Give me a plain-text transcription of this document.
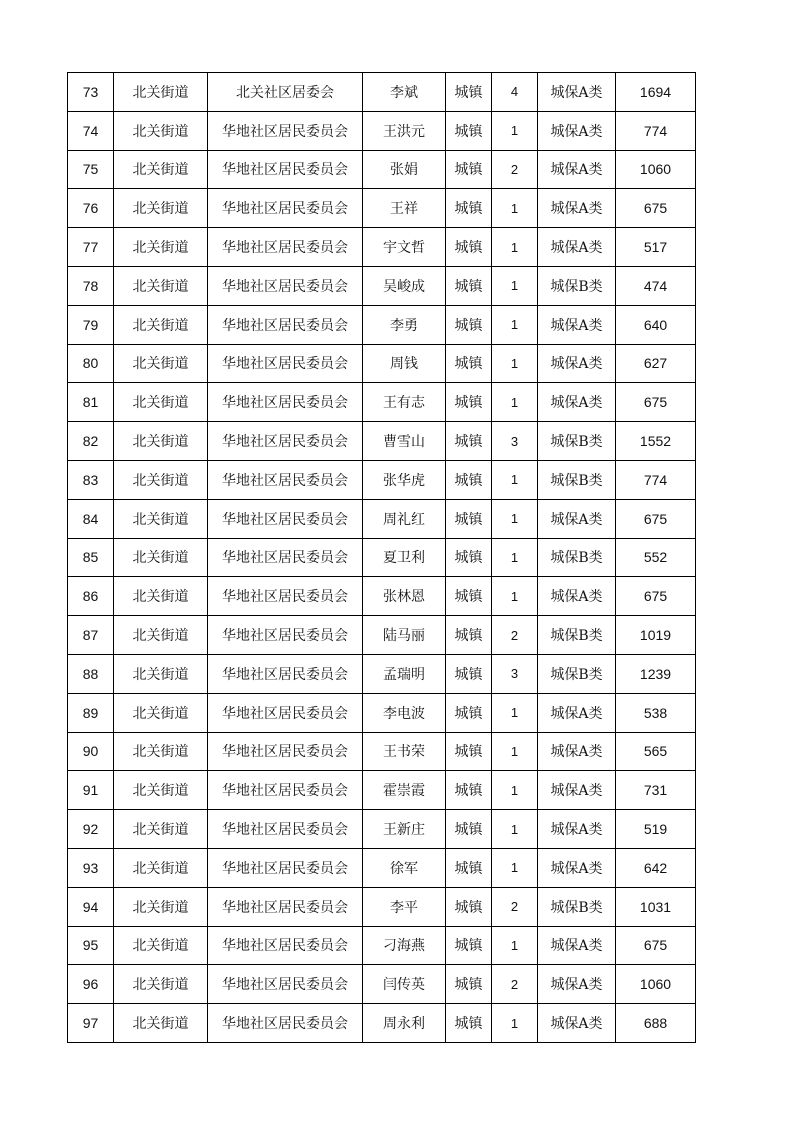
73	北关街道	北关社区居委会	李斌	城镇	4	城保A类	1694
74	北关街道	华地社区居民委员会	王洪元	城镇	1	城保A类	774
75	北关街道	华地社区居民委员会	张娟	城镇	2	城保A类	1060
76	北关街道	华地社区居民委员会	王祥	城镇	1	城保A类	675
77	北关街道	华地社区居民委员会	宇文哲	城镇	1	城保A类	517
78	北关街道	华地社区居民委员会	吴峻成	城镇	1	城保B类	474
79	北关街道	华地社区居民委员会	李勇	城镇	1	城保A类	640
80	北关街道	华地社区居民委员会	周钱	城镇	1	城保A类	627
81	北关街道	华地社区居民委员会	王有志	城镇	1	城保A类	675
82	北关街道	华地社区居民委员会	曹雪山	城镇	3	城保B类	1552
83	北关街道	华地社区居民委员会	张华虎	城镇	1	城保B类	774
84	北关街道	华地社区居民委员会	周礼红	城镇	1	城保A类	675
85	北关街道	华地社区居民委员会	夏卫利	城镇	1	城保B类	552
86	北关街道	华地社区居民委员会	张林恩	城镇	1	城保A类	675
87	北关街道	华地社区居民委员会	陆马丽	城镇	2	城保B类	1019
88	北关街道	华地社区居民委员会	孟瑞明	城镇	3	城保B类	1239
89	北关街道	华地社区居民委员会	李电波	城镇	1	城保A类	538
90	北关街道	华地社区居民委员会	王书荣	城镇	1	城保A类	565
91	北关街道	华地社区居民委员会	霍崇霞	城镇	1	城保A类	731
92	北关街道	华地社区居民委员会	王新庄	城镇	1	城保A类	519
93	北关街道	华地社区居民委员会	徐军	城镇	1	城保A类	642
94	北关街道	华地社区居民委员会	李平	城镇	2	城保B类	1031
95	北关街道	华地社区居民委员会	刁海燕	城镇	1	城保A类	675
96	北关街道	华地社区居民委员会	闫传英	城镇	2	城保A类	1060
97	北关街道	华地社区居民委员会	周永利	城镇	1	城保A类	688
